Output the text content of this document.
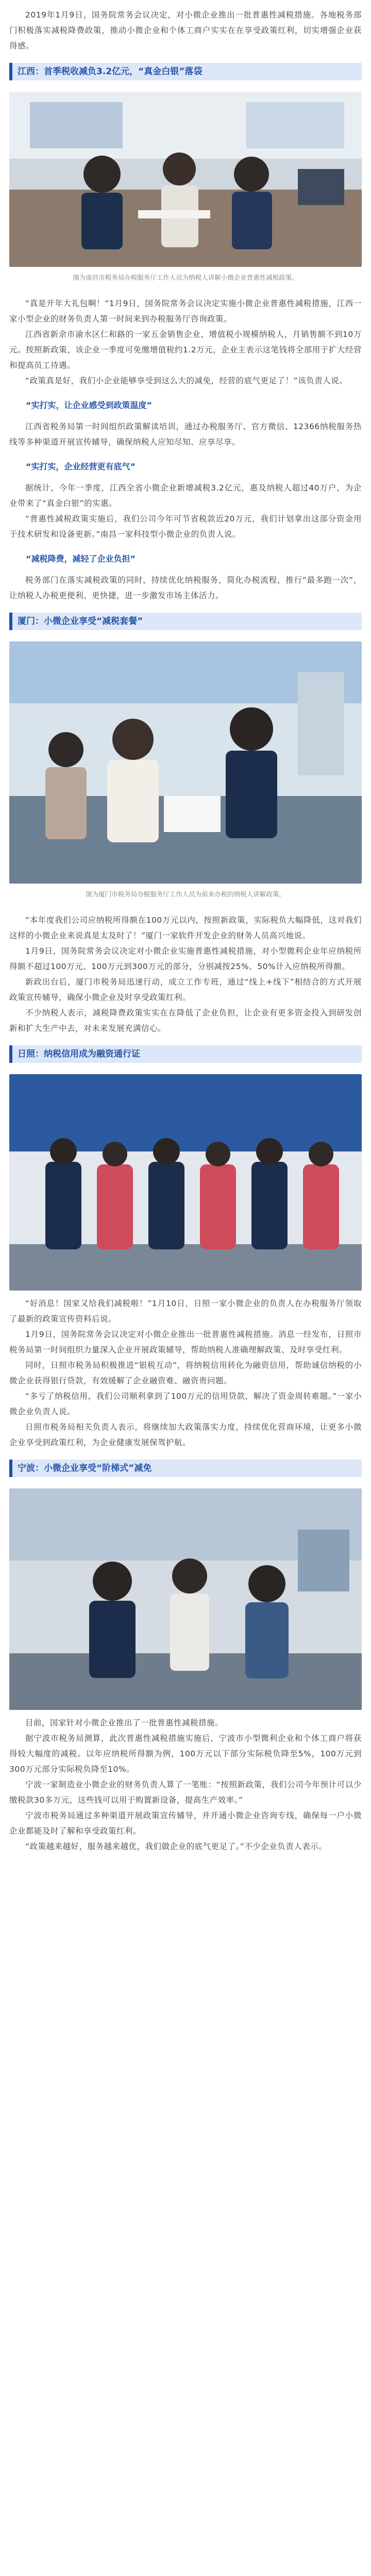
2019年1月9日，国务院常务会议决定，对小微企业推出一批普惠性减税措施。各地税务部门积极落实减税降费政策，推动小微企业和个体工商户实实在在享受政策红利，切实增强企业获得感。

江西：首季税收减负3.2亿元，“真金白银”落袋
图为南昌市税务局办税服务厅工作人员为纳税人讲解小微企业普惠性减税政策。

“真是开年大礼包啊！”1月9日，国务院常务会议决定实施小微企业普惠性减税措施，江西一家小型企业的财务负责人第一时间来到办税服务厅咨询政策。

江西省新余市渝水区仁和路的一家五金销售企业，增值税小规模纳税人，月销售额不到10万元。按照新政策，该企业一季度可免缴增值税约1.2万元，企业主表示这笔钱将全部用于扩大经营和提高员工待遇。

“政策真是好，我们小企业能够享受到这么大的减免，经营的底气更足了！”该负责人说。

“实打实，让企业感受到政策温度”

江西省税务局第一时间组织政策解读培训，通过办税服务厅、官方微信、12366纳税服务热线等多种渠道开展宣传辅导，确保纳税人应知尽知、应享尽享。

“实打实，企业经营更有底气”

据统计，今年一季度，江西全省小微企业新增减税3.2亿元，惠及纳税人超过40万户，为企业带来了“真金白银”的实惠。

“普惠性减税政策实施后，我们公司今年可节省税款近20万元，我们计划拿出这部分资金用于技术研发和设备更新。”南昌一家科技型小微企业的负责人说。

“减税降费，减轻了企业负担”

税务部门在落实减税政策的同时，持续优化纳税服务，简化办税流程，推行“最多跑一次”，让纳税人办税更便利、更快捷，进一步激发市场主体活力。

厦门：小微企业享受“减税套餐”
图为厦门市税务局办税服务厅工作人员为前来办税的纳税人讲解政策。

“本年度我们公司应纳税所得额在100万元以内，按照新政策，实际税负大幅降低，这对我们这样的小微企业来说真是太及时了！”厦门一家软件开发企业的财务人员高兴地说。

1月9日，国务院常务会议决定对小微企业实施普惠性减税措施，对小型微利企业年应纳税所得额不超过100万元、100万元到300万元的部分，分别减按25%、50%计入应纳税所得额。

新政出台后，厦门市税务局迅速行动，成立工作专班，通过“线上+线下”相结合的方式开展政策宣传辅导，确保小微企业及时享受政策红利。

不少纳税人表示，减税降费政策实实在在降低了企业负担，让企业有更多资金投入到研发创新和扩大生产中去，对未来发展充满信心。

日照：纳税信用成为融资通行证

“好消息！国家又给我们减税啦！”1月10日，日照一家小微企业的负责人在办税服务厅领取了最新的政策宣传资料后说。

1月9日，国务院常务会议决定对小微企业推出一批普惠性减税措施。消息一经发布，日照市税务局第一时间组织力量深入企业开展政策辅导，帮助纳税人准确理解政策、及时享受红利。

同时，日照市税务局积极推进“银税互动”，将纳税信用转化为融资信用，帮助诚信纳税的小微企业获得银行贷款，有效缓解了企业融资难、融资贵问题。

“多亏了纳税信用，我们公司顺利拿到了100万元的信用贷款，解决了资金周转难题。”一家小微企业负责人说。

日照市税务局相关负责人表示，将继续加大政策落实力度，持续优化营商环境，让更多小微企业享受到政策红利，为企业健康发展保驾护航。

宁波：小微企业享受“阶梯式”减免

目前，国家针对小微企业推出了一批普惠性减税措施。

据宁波市税务局测算，此次普惠性减税措施实施后，宁波市小型微利企业和个体工商户将获得较大幅度的减税。以年应纳税所得额为例，100万元以下部分实际税负降至5%，100万元到300万元部分实际税负降至10%。

宁波一家制造业小微企业的财务负责人算了一笔账：“按照新政策，我们公司今年预计可以少缴税款30多万元，这些钱可以用于购置新设备，提高生产效率。”

宁波市税务局通过多种渠道开展政策宣传辅导，并开通小微企业咨询专线，确保每一户小微企业都能及时了解和享受政策红利。

“政策越来越好，服务越来越优，我们做企业的底气更足了。”不少企业负责人表示。
